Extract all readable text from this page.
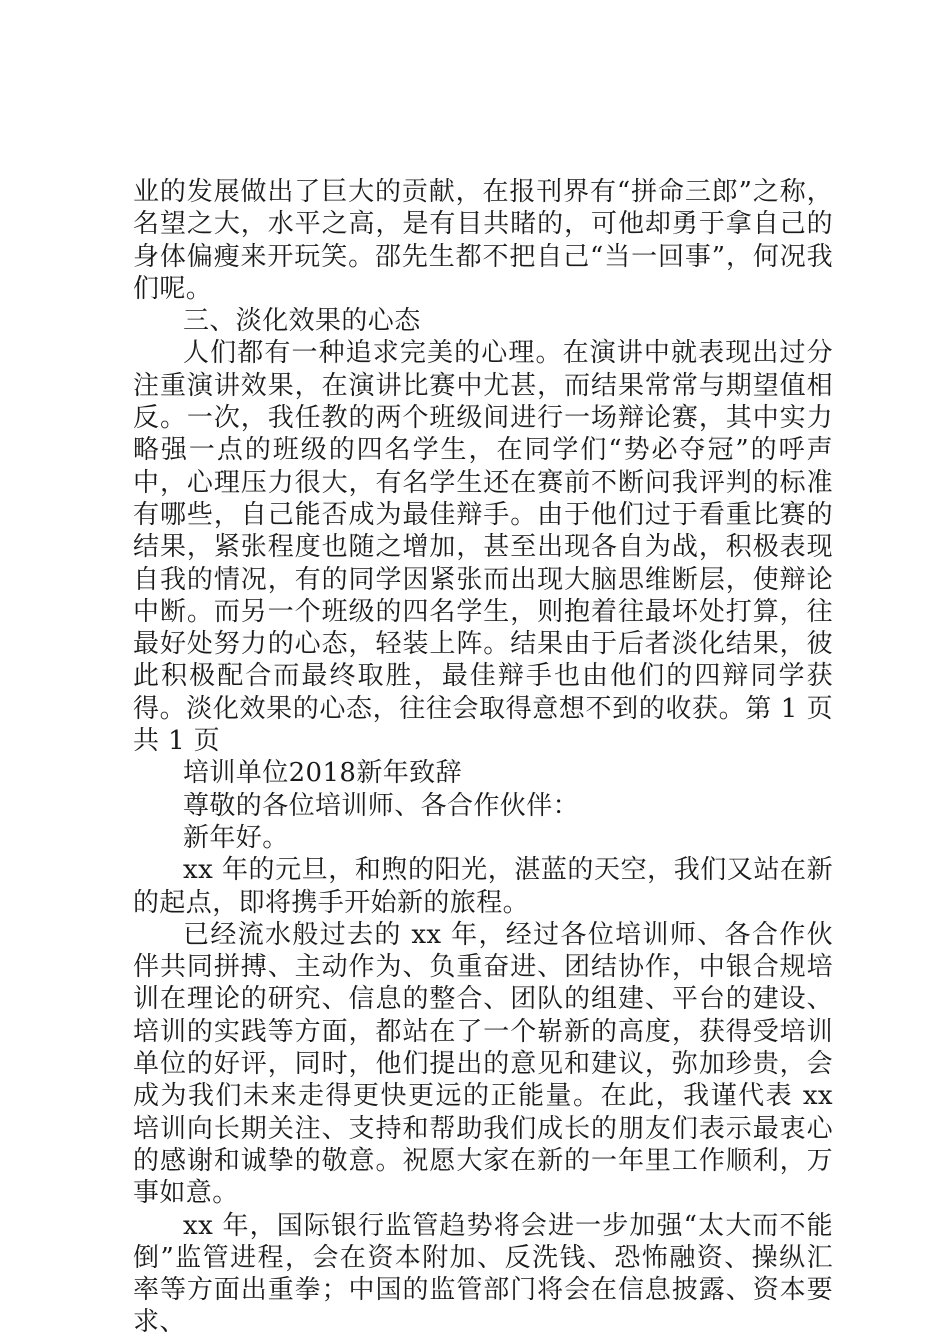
业的发展做出了巨大的贡献，在报刊界有“拼命三郎”之称，名望之大，水平之高，是有目共睹的，可他却勇于拿自己的身体偏瘦来开玩笑。邵先生都不把自己“当一回事”，何况我们呢。

三、淡化效果的心态

人们都有一种追求完美的心理。在演讲中就表现出过分注重演讲效果，在演讲比赛中尤甚，而结果常常与期望值相反。一次，我任教的两个班级间进行一场辩论赛，其中实力略强一点的班级的四名学生，在同学们“势必夺冠”的呼声中，心理压力很大，有名学生还在赛前不断问我评判的标准有哪些，自己能否成为最佳辩手。由于他们过于看重比赛的结果，紧张程度也随之增加，甚至出现各自为战，积极表现自我的情况，有的同学因紧张而出现大脑思维断层，使辩论中断。而另一个班级的四名学生，则抱着往最坏处打算，往最好处努力的心态，轻装上阵。结果由于后者淡化结果，彼此积极配合而最终取胜，最佳辩手也由他们的四辩同学获得。淡化效果的心态，往往会取得意想不到的收获。第 1 页共 1 页

培训单位2018新年致辞

尊敬的各位培训师、各合作伙伴：

新年好。

xx 年的元旦，和煦的阳光，湛蓝的天空，我们又站在新的起点，即将携手开始新的旅程。

已经流水般过去的 xx 年，经过各位培训师、各合作伙伴共同拼搏、主动作为、负重奋进、团结协作，中银合规培训在理论的研究、信息的整合、团队的组建、平台的建设、培训的实践等方面，都站在了一个崭新的高度，获得受培训单位的好评，同时，他们提出的意见和建议，弥加珍贵，会成为我们未来走得更快更远的正能量。在此，我谨代表 xx 培训向长期关注、支持和帮助我们成长的朋友们表示最衷心的感谢和诚挚的敬意。祝愿大家在新的一年里工作顺利，万事如意。

xx 年，国际银行监管趋势将会进一步加强“太大而不能倒”监管进程，会在资本附加、反洗钱、恐怖融资、操纵汇率等方面出重拳；中国的监管部门将会在信息披露、资本要求、
